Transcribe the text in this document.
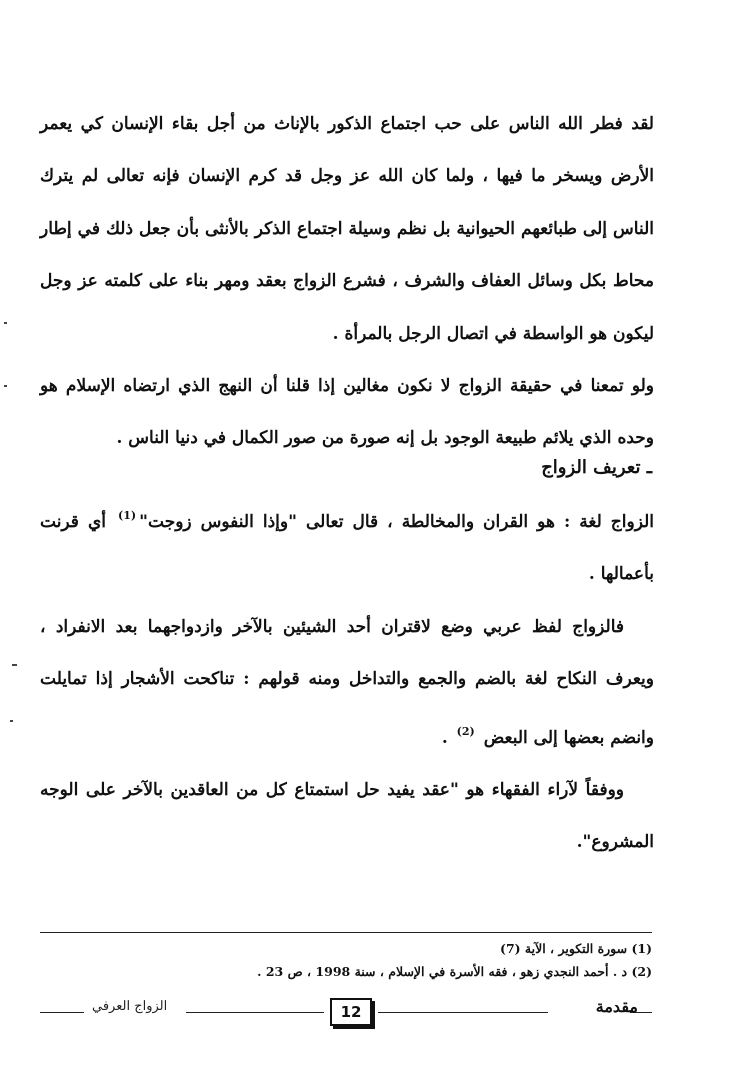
لقد فطر الله الناس على حب اجتماع الذكور بالإناث من أجل بقاء الإنسان كي يعمر الأرض ويسخر ما فيها ، ولما كان الله عز وجل قد كرم الإنسان فإنه تعالى لم يترك الناس إلى طبائعهم الحيوانية بل نظم وسيلة اجتماع الذكر بالأنثى بأن جعل ذلك في إطار محاط بكل وسائل العفاف والشرف ، فشرع الزواج بعقد ومهر بناء على كلمته عز وجل ليكون هو الواسطة في اتصال الرجل بالمرأة .

ولو تمعنا في حقيقة الزواج لا نكون مغالين إذا قلنا أن النهج الذي ارتضاه الإسلام هو وحده الذي يلائم طبيعة الوجود بل إنه صورة من صور الكمال في دنيا الناس .

ـ تعريف الزواج

الزواج لغة : هو القران والمخالطة ، قال تعالى "وإذا النفوس زوجت"$^{(1)}$ أي قرنت بأعمالها .

فالزواج لفظ عربي وضع لاقتران أحد الشيئين بالآخر وازدواجهما بعد الانفراد ، ويعرف النكاح لغة بالضم والجمع والتداخل ومنه قولهم : تناكحت الأشجار إذا تمايلت وانضم بعضها إلى البعض $^{(2)}$ .

ووفقاً لآراء الفقهاء هو "عقد يفيد حل استمتاع كل من العاقدين بالآخر على الوجه المشروع".

(1) سورة التكوير ، الآية (7)
(2) د . أحمد النجدي زهو ، فقه الأسرة في الإسلام ، سنة 1998 ، ص 23 .
مقدمة
12
الزواج العرفي
